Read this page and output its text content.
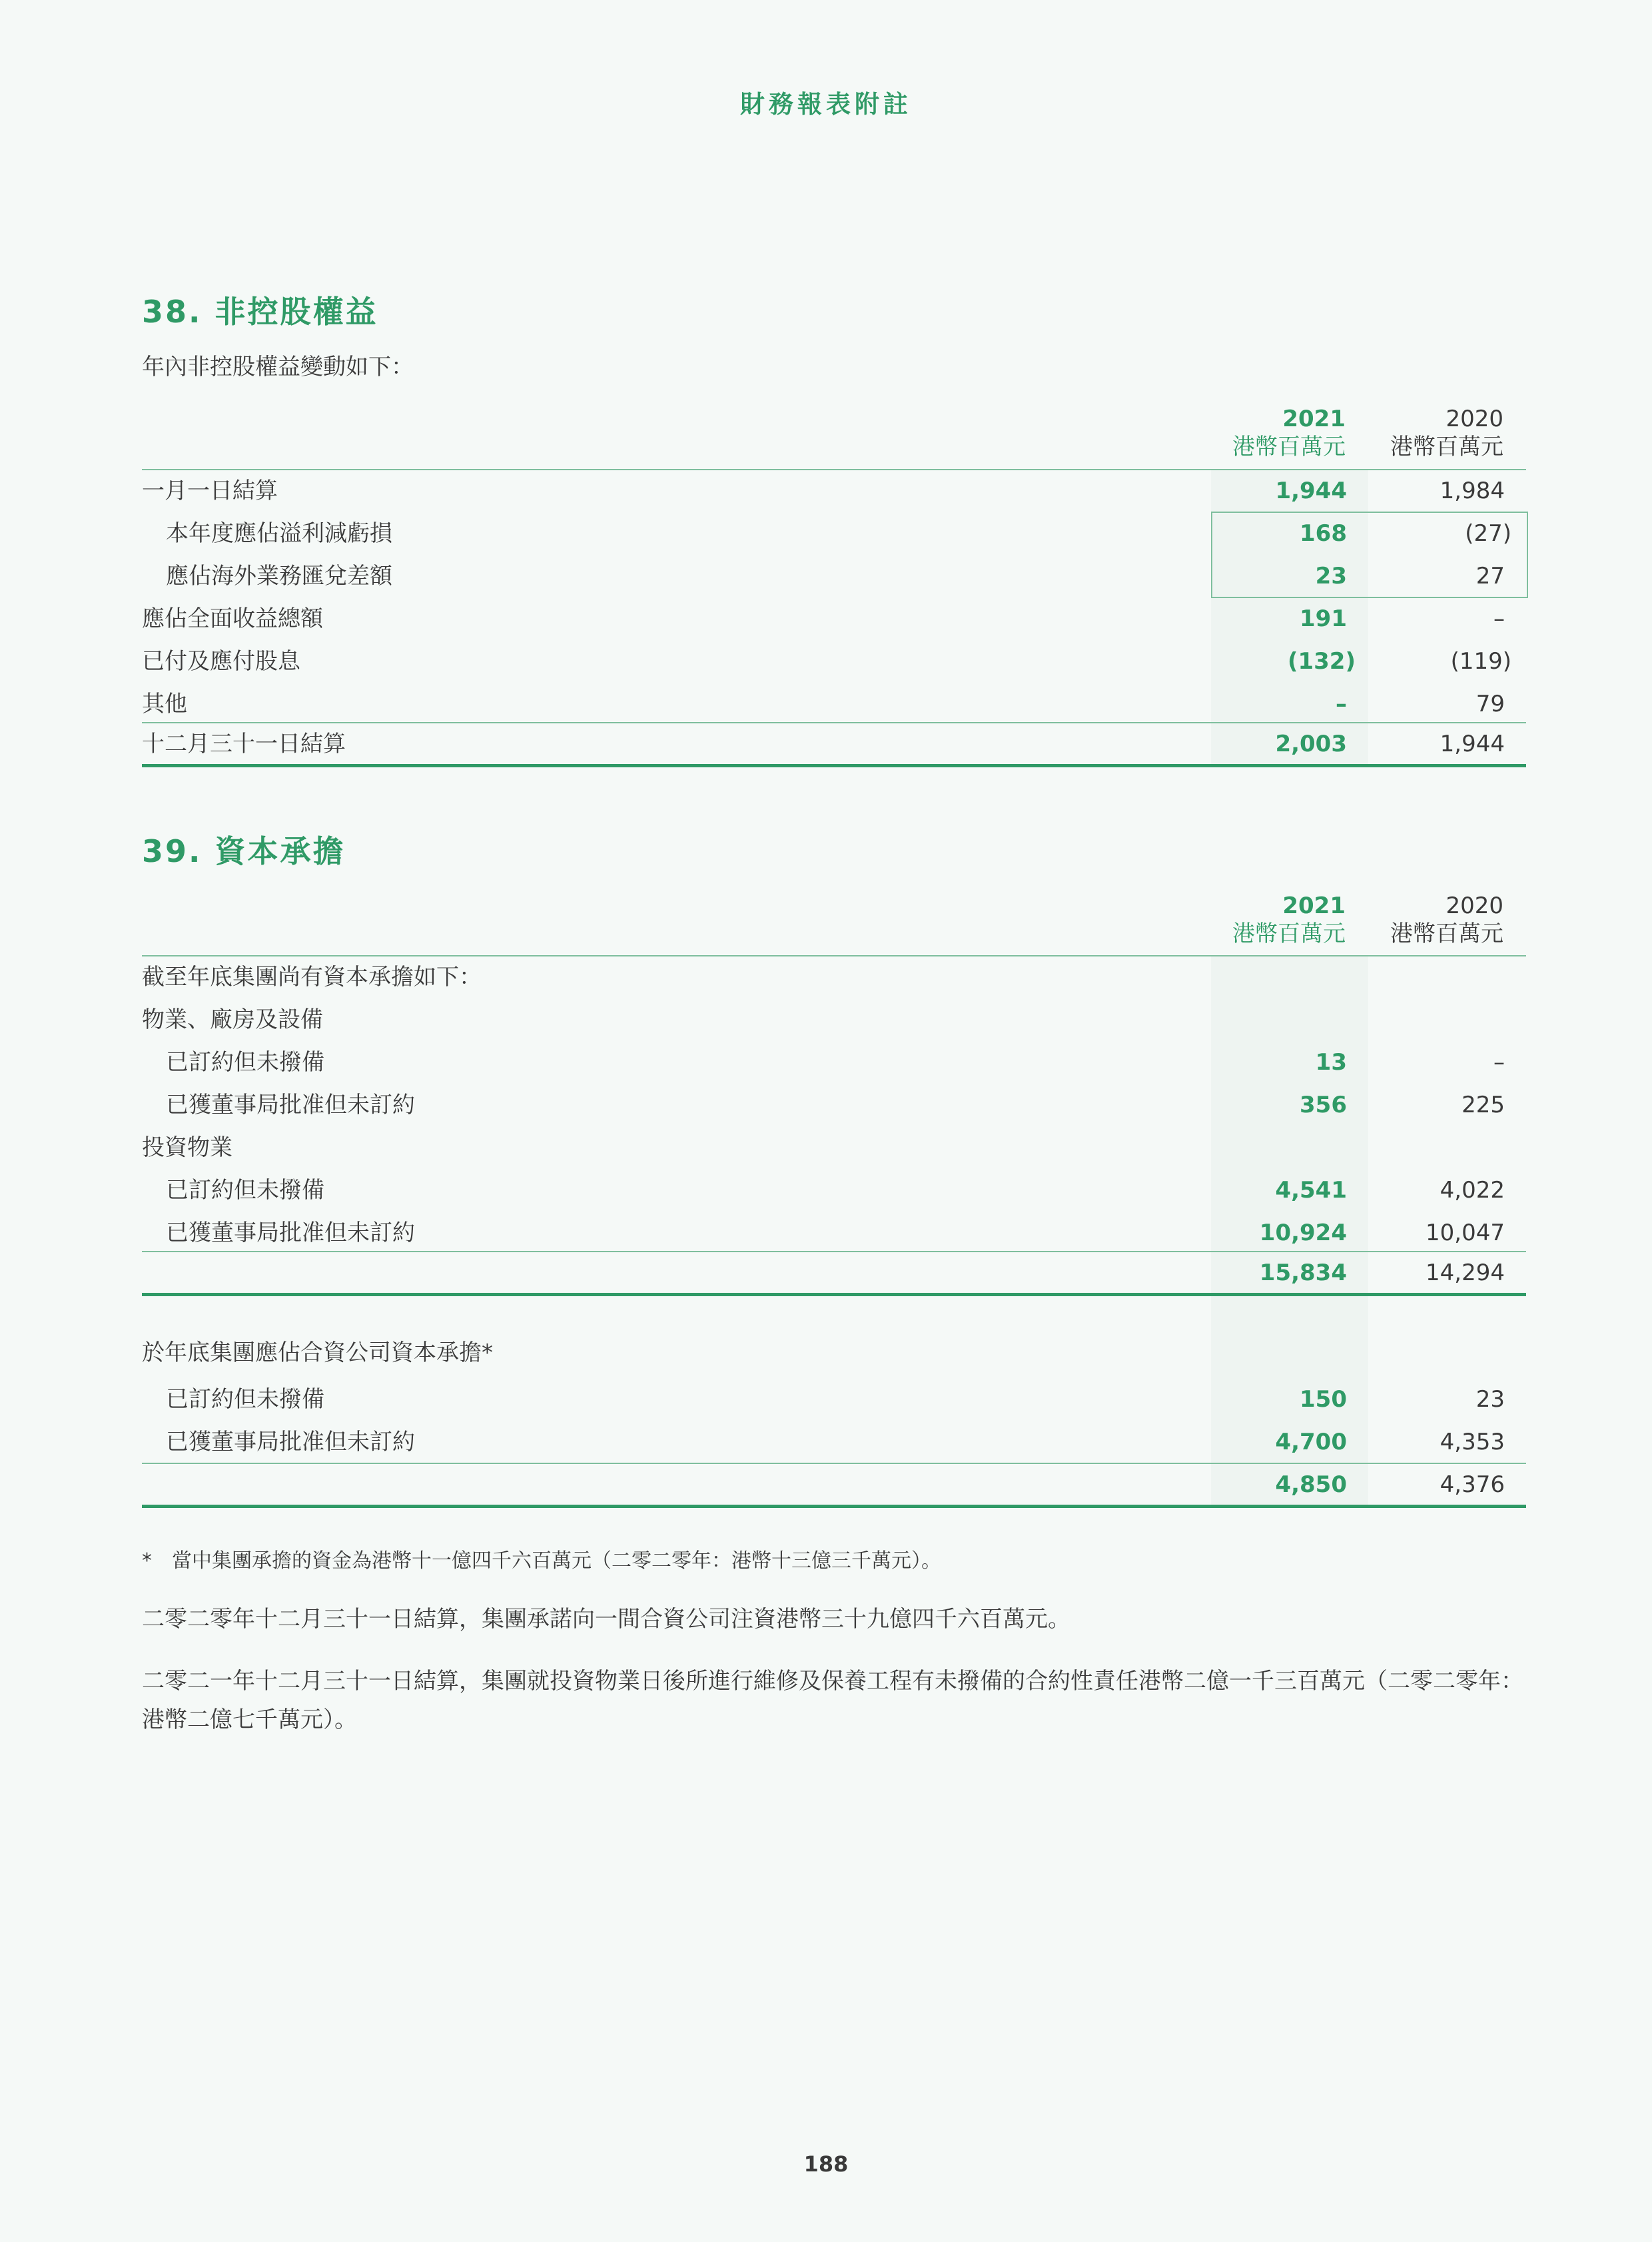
財務報表附註
38. 非控股權益
年內非控股權益變動如下：
2021
港幣百萬元
2020
港幣百萬元
一月一日結算	1,944	1,984
本年度應佔溢利減虧損	168	(27)
應佔海外業務匯兌差額	23	27
應佔全面收益總額	191	–
已付及應付股息	(132)	(119)
其他	–	79
十二月三十一日結算	2,003	1,944
39. 資本承擔
2021
港幣百萬元
2020
港幣百萬元
截至年底集團尚有資本承擔如下：
物業、廠房及設備
已訂約但未撥備	13	–
已獲董事局批准但未訂約	356	225
投資物業
已訂約但未撥備	4,541	4,022
已獲董事局批准但未訂約	10,924	10,047
15,834	14,294
於年底集團應佔合資公司資本承擔*
已訂約但未撥備	150	23
已獲董事局批准但未訂約	4,700	4,353
4,850	4,376
*　當中集團承擔的資金為港幣十一億四千六百萬元（二零二零年：港幣十三億三千萬元）。
二零二零年十二月三十一日結算，集團承諾向一間合資公司注資港幣三十九億四千六百萬元。
二零二一年十二月三十一日結算，集團就投資物業日後所進行維修及保養工程有未撥備的合約性責任港幣二億一千三百萬元（二零二零年：港幣二億七千萬元）。
188
